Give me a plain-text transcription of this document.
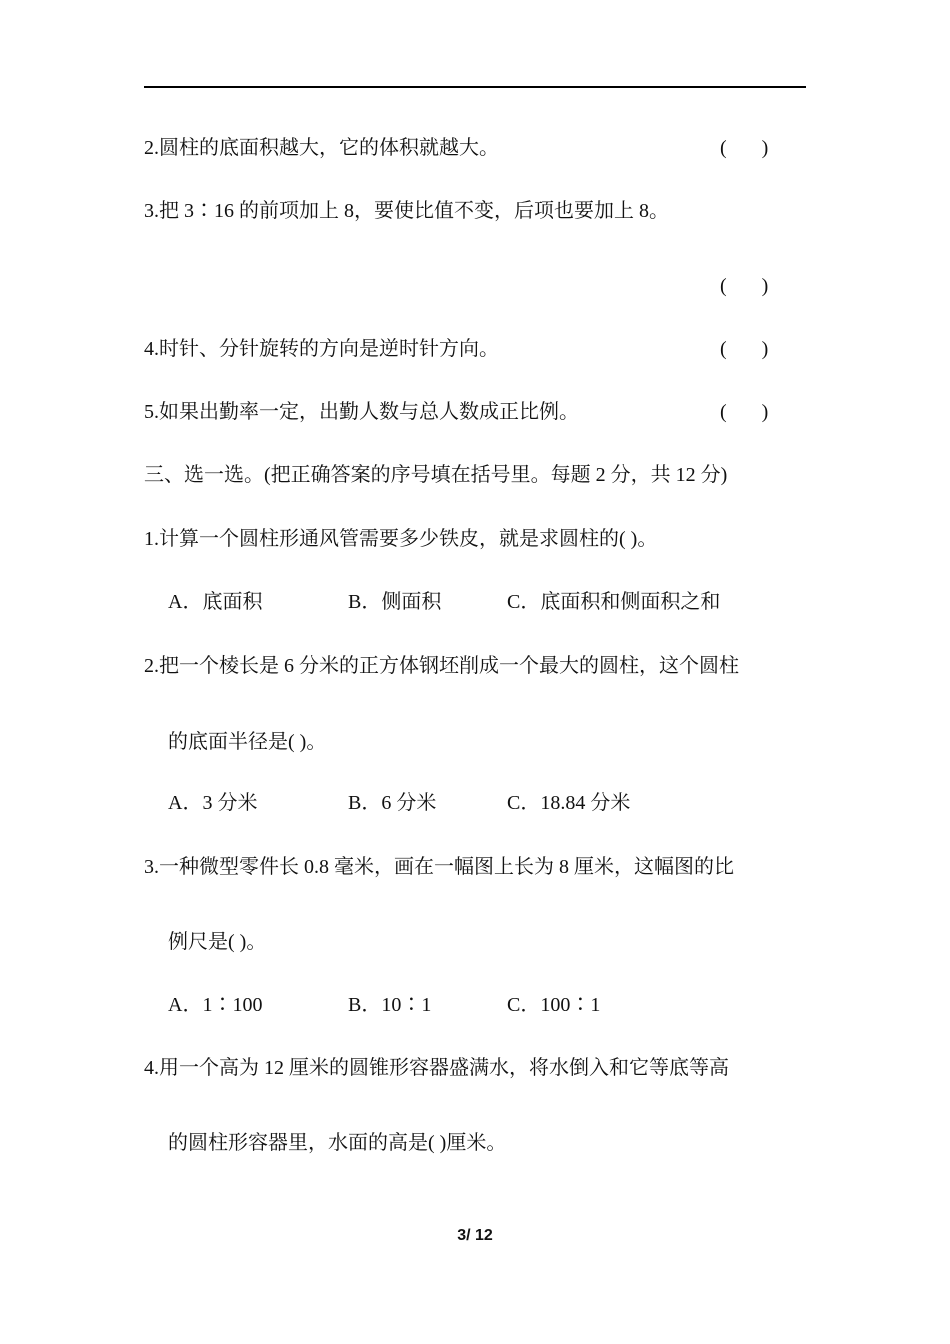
2.圆柱的底面积越大，它的体积就越大。	(       )
3.把 3∶16 的前项加上 8，要使比值不变，后项也要加上 8。
(       )
4.时针、分针旋转的方向是逆时针方向。	(       )
5.如果出勤率一定，出勤人数与总人数成正比例。	(       )
三、选一选。(把正确答案的序号填在括号里。每题 2 分，共 12 分)
1.计算一个圆柱形通风管需要多少铁皮，就是求圆柱的( )。
A．底面积	B．侧面积	C．底面积和侧面积之和
2.把一个棱长是 6 分米的正方体钢坯削成一个最大的圆柱，这个圆柱
的底面半径是( )。
A．3 分米	B．6 分米	C．18.84 分米
3.一种微型零件长 0.8 毫米，画在一幅图上长为 8 厘米，这幅图的比
例尺是( )。
A．1∶100	B．10∶1	C．100∶1
4.用一个高为 12 厘米的圆锥形容器盛满水，将水倒入和它等底等高
的圆柱形容器里，水面的高是( )厘米。
3/ 12
